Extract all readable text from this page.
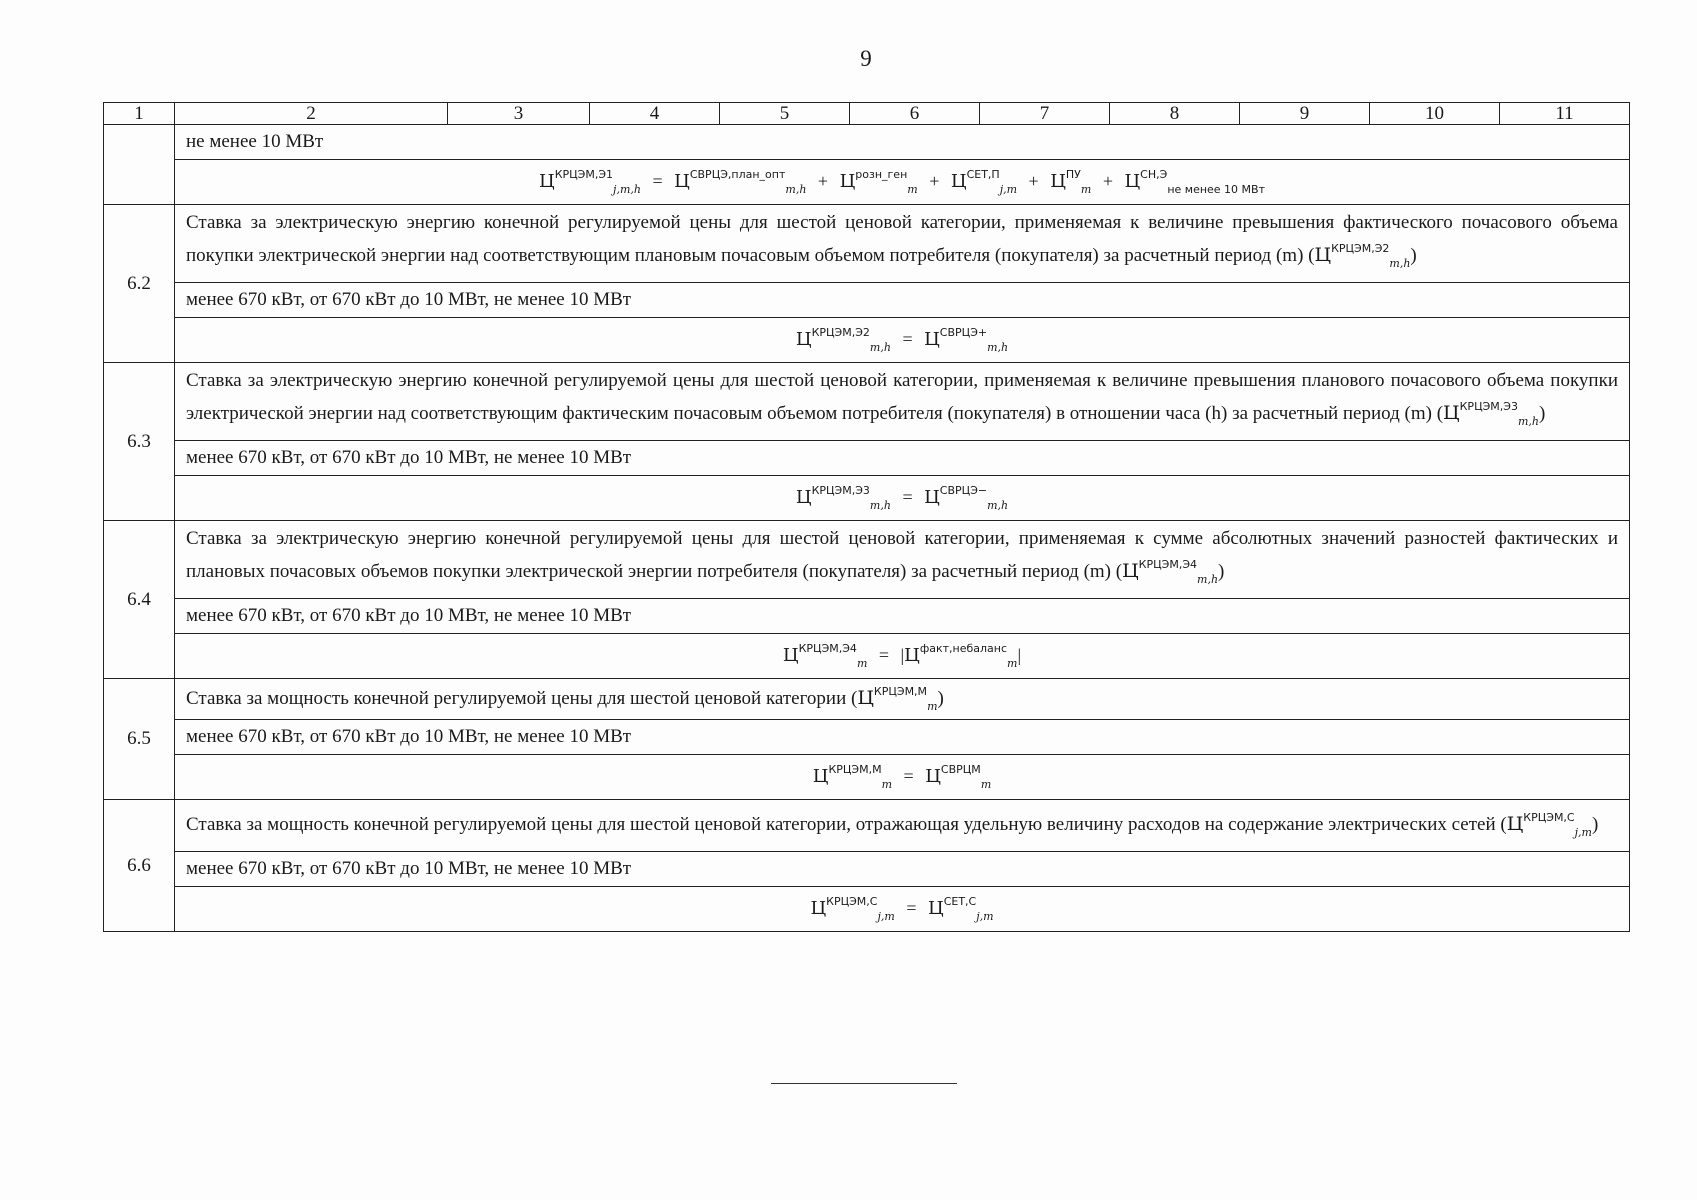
9
1	2	3	4	5	6	7	8	9	10	11
	не менее 10 МВт									
	$Ц^{КРЦЭМ,Э1}_{j,m,h} = Ц^{СВРЦЭ,план\_опт}_{m,h} + Ц^{розн\_ген}_m + Ц^{СЕТ,П}_{j,m} + Ц^{ПУ}_m + Ц^{СН,Э}_{не менее 10 МВт}$
6.2	Ставка за электрическую энергию конечной регулируемой цены для шестой ценовой категории, применяемая к величине превышения фактического почасового объема покупки электрической энергии над соответствующим плановым почасовым объемом потребителя (покупателя) за расчетный период (m) $(Ц^{КРЦЭМ,Э2}_{m,h})$									
	менее 670 кВт, от 670 кВт до 10 МВт, не менее 10 МВт									
	$Ц^{КРЦЭМ,Э2}_{m,h} = Ц^{СВРЦЭ+}_{m,h}$
6.3	Ставка за электрическую энергию конечной регулируемой цены для шестой ценовой категории, применяемая к величине превышения планового почасового объема покупки электрической энергии над соответствующим фактическим почасовым объемом потребителя (покупателя) в отношении часа (h) за расчетный период (m) $(Ц^{КРЦЭМ,Э3}_{m,h})$									
	менее 670 кВт, от 670 кВт до 10 МВт, не менее 10 МВт									
	$Ц^{КРЦЭМ,Э3}_{m,h} = Ц^{СВРЦЭ-}_{m,h}$
6.4	Ставка за электрическую энергию конечной регулируемой цены для шестой ценовой категории, применяемая к сумме абсолютных значений разностей фактических и плановых почасовых объемов покупки электрической энергии потребителя (покупателя) за расчетный период (m) $(Ц^{КРЦЭМ,Э4}_{m,h})$									
	менее 670 кВт, от 670 кВт до 10 МВт, не менее 10 МВт									
	$Ц^{КРЦЭМ,Э4}_m = |Ц^{факт,небаланс}_m|$									
6.5	Ставка за мощность конечной регулируемой цены для шестой ценовой категории $(Ц^{КРЦЭМ,М}_m)$									
	менее 670 кВт, от 670 кВт до 10 МВт, не менее 10 МВт									
	$Ц^{КРЦЭМ,М}_m = Ц^{СВРЦМ}_m$
6.6	Ставка за мощность конечной регулируемой цены для шестой ценовой категории, отражающая удельную величину расходов на содержание электрических сетей $(Ц^{КРЦЭМ,C}_{j,m})$									
	менее 670 кВт, от 670 кВт до 10 МВт, не менее 10 МВт									
	$Ц^{КРЦЭМ,C}_{j,m} = Ц^{СЕТ,C}_{j,m}$
